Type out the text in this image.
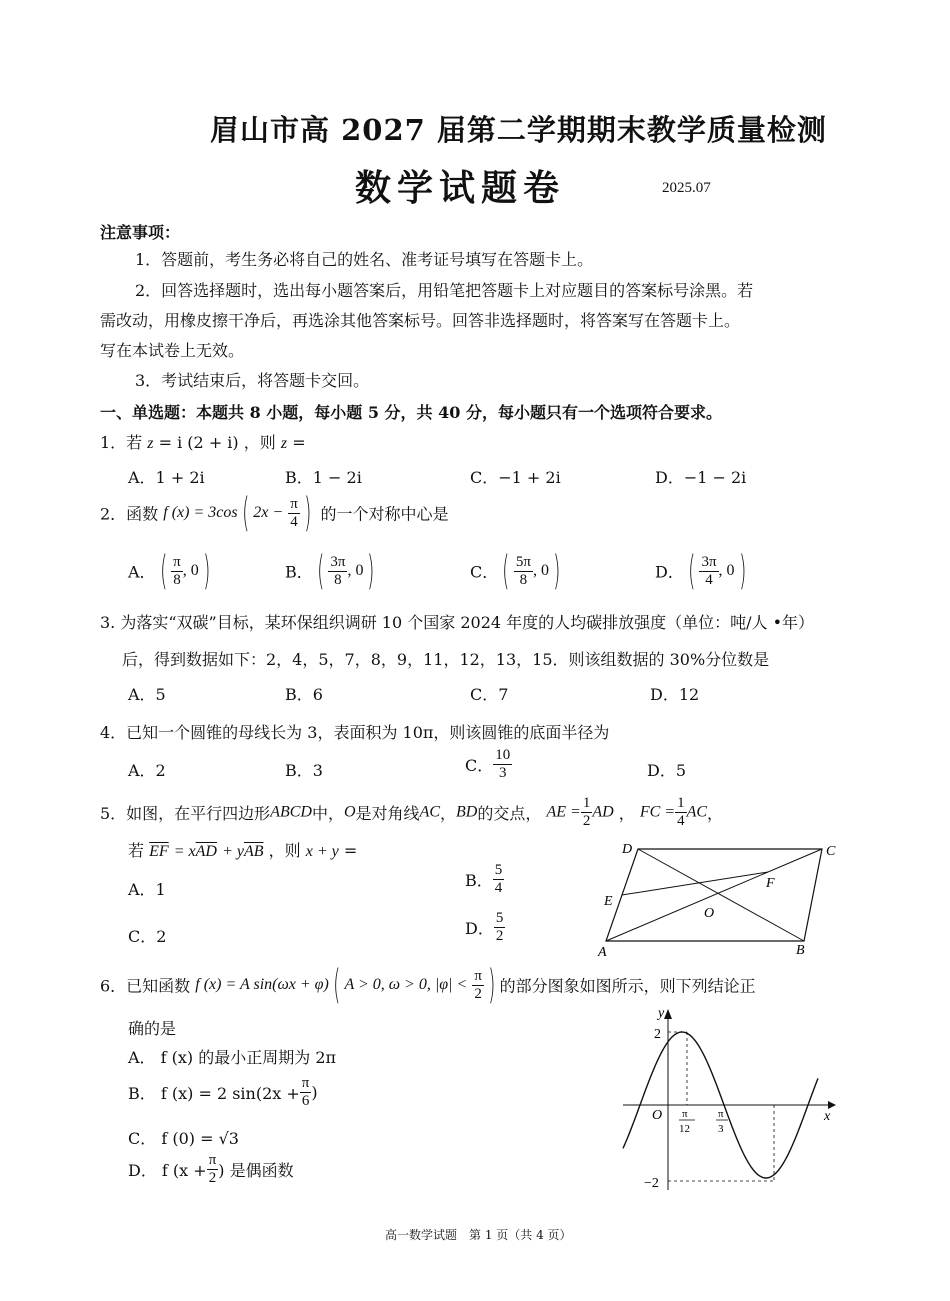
眉山市高 2027 届第二学期期末教学质量检测
数学试题卷	2025.07
注意事项：
1．答题前，考生务必将自己的姓名、准考证号填写在答题卡上。
2．回答选择题时，选出每小题答案后，用铅笔把答题卡上对应题目的答案标号涂黑。若
需改动，用橡皮擦干净后，再选涂其他答案标号。回答非选择题时，将答案写在答题卡上。
写在本试卷上无效。
3．考试结束后，将答题卡交回。
一、单选题：本题共 8 小题，每小题 5 分，共 40 分，每小题只有一个选项符合要求。
1．若 z = i (2 + i) ，则 z =
A．1 + 2i	B．1 − 2i	C．−1 + 2i	D．−1 − 2i
2．函数 f (x) = 3cos ( $2x - \frac{\pi}{4}$ ) 的一个对称中心是
A． ( $\frac{\pi}{8}$ , 0 )	B． ( $\frac{3\pi}{8}$ , 0 )	C． ( $\frac{5\pi}{8}$ , 0 )	D． ( $\frac{3\pi}{4}$ , 0 )
3. 为落实“双碳”目标，某环保组织调研 10 个国家 2024 年度的人均碳排放强度（单位：吨/人 •年）
后，得到数据如下：2，4，5，7，8，9，11，12，13，15．则该组数据的 30%分位数是
A．5	B．6	C．7	D．12
4．已知一个圆锥的母线长为 3，表面积为 10π，则该圆锥的底面半径为
A．2	B．3	C． $\frac{10}{3}$	D．5
5．如图，在平行四边形ABCD中，O是对角线AC，BD的交点， AE = $\frac{1}{2}$ AD ， FC = $\frac{1}{4}$ AC，
若 $\overline{EF} = x\overline{AD} + y\overline{AB}$ ，则 x + y =
A．1	B． $\frac{5}{4}$
C．2	D． $\frac{5}{2}$
D	C
E
F
O
A	B
6．已知函数 f (x) = A sin(ωx + φ) ( A > 0, ω > 0, $|\varphi| < \frac{\pi}{2}$ ) 的部分图象如图所示，则下列结论正
确的是
A． f (x) 的最小正周期为 2π
B． f (x) = 2 $\sin(2x + \frac{\pi}{6}$ )
C． f (0) = √3
D． f ($x + \frac{\pi}{2}$ ) 是偶函数
y
x
O
2
−2
π
12
π
3
高一数学试题　第 1 页（共 4 页）
